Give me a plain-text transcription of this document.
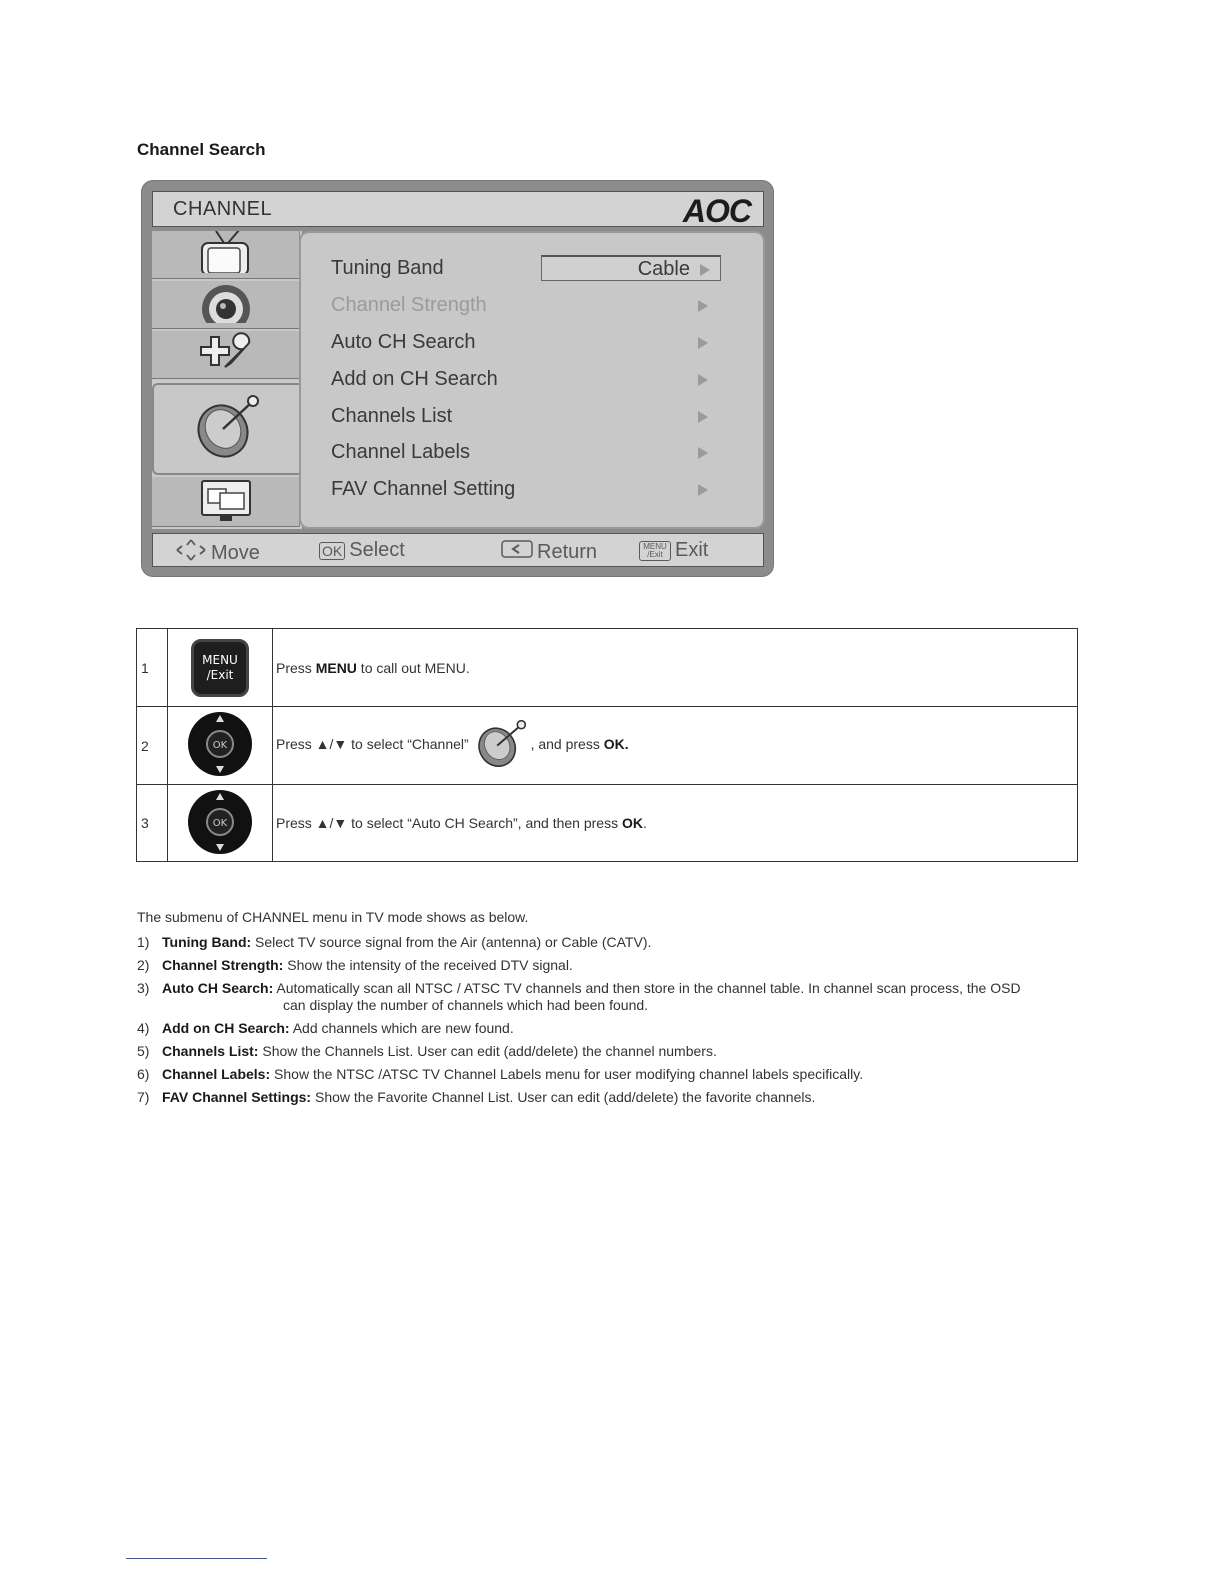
Channel Search
CHANNEL	AOC
Tuning Band	Cable
Channel Strength
Auto CH Search
Add on CH Search
Channels List
Channel Labels
FAV Channel Setting
Move	OK Select	Return	MENU /Exit Exit
1	MENU /Exit	Press MENU to call out MENU.
2	OK	Press ▲/▼ to select “Channel” , and press OK.
3	OK	Press ▲/▼ to select “Auto CH Search”, and then press OK.
The submenu of CHANNEL menu in TV mode shows as below.
1) Tuning Band: Select TV source signal from the Air (antenna) or Cable (CATV).
2) Channel Strength: Show the intensity of the received DTV signal.
3) Auto CH Search: Automatically scan all NTSC / ATSC TV channels and then store in the channel table. In channel scan process, the OSD
can display the number of channels which had been found.
4) Add on CH Search: Add channels which are new found.
5) Channels List: Show the Channels List. User can edit (add/delete) the channel numbers.
6) Channel Labels: Show the NTSC /ATSC TV Channel Labels menu for user modifying channel labels specifically.
7) FAV Channel Settings: Show the Favorite Channel List. User can edit (add/delete) the favorite channels.
